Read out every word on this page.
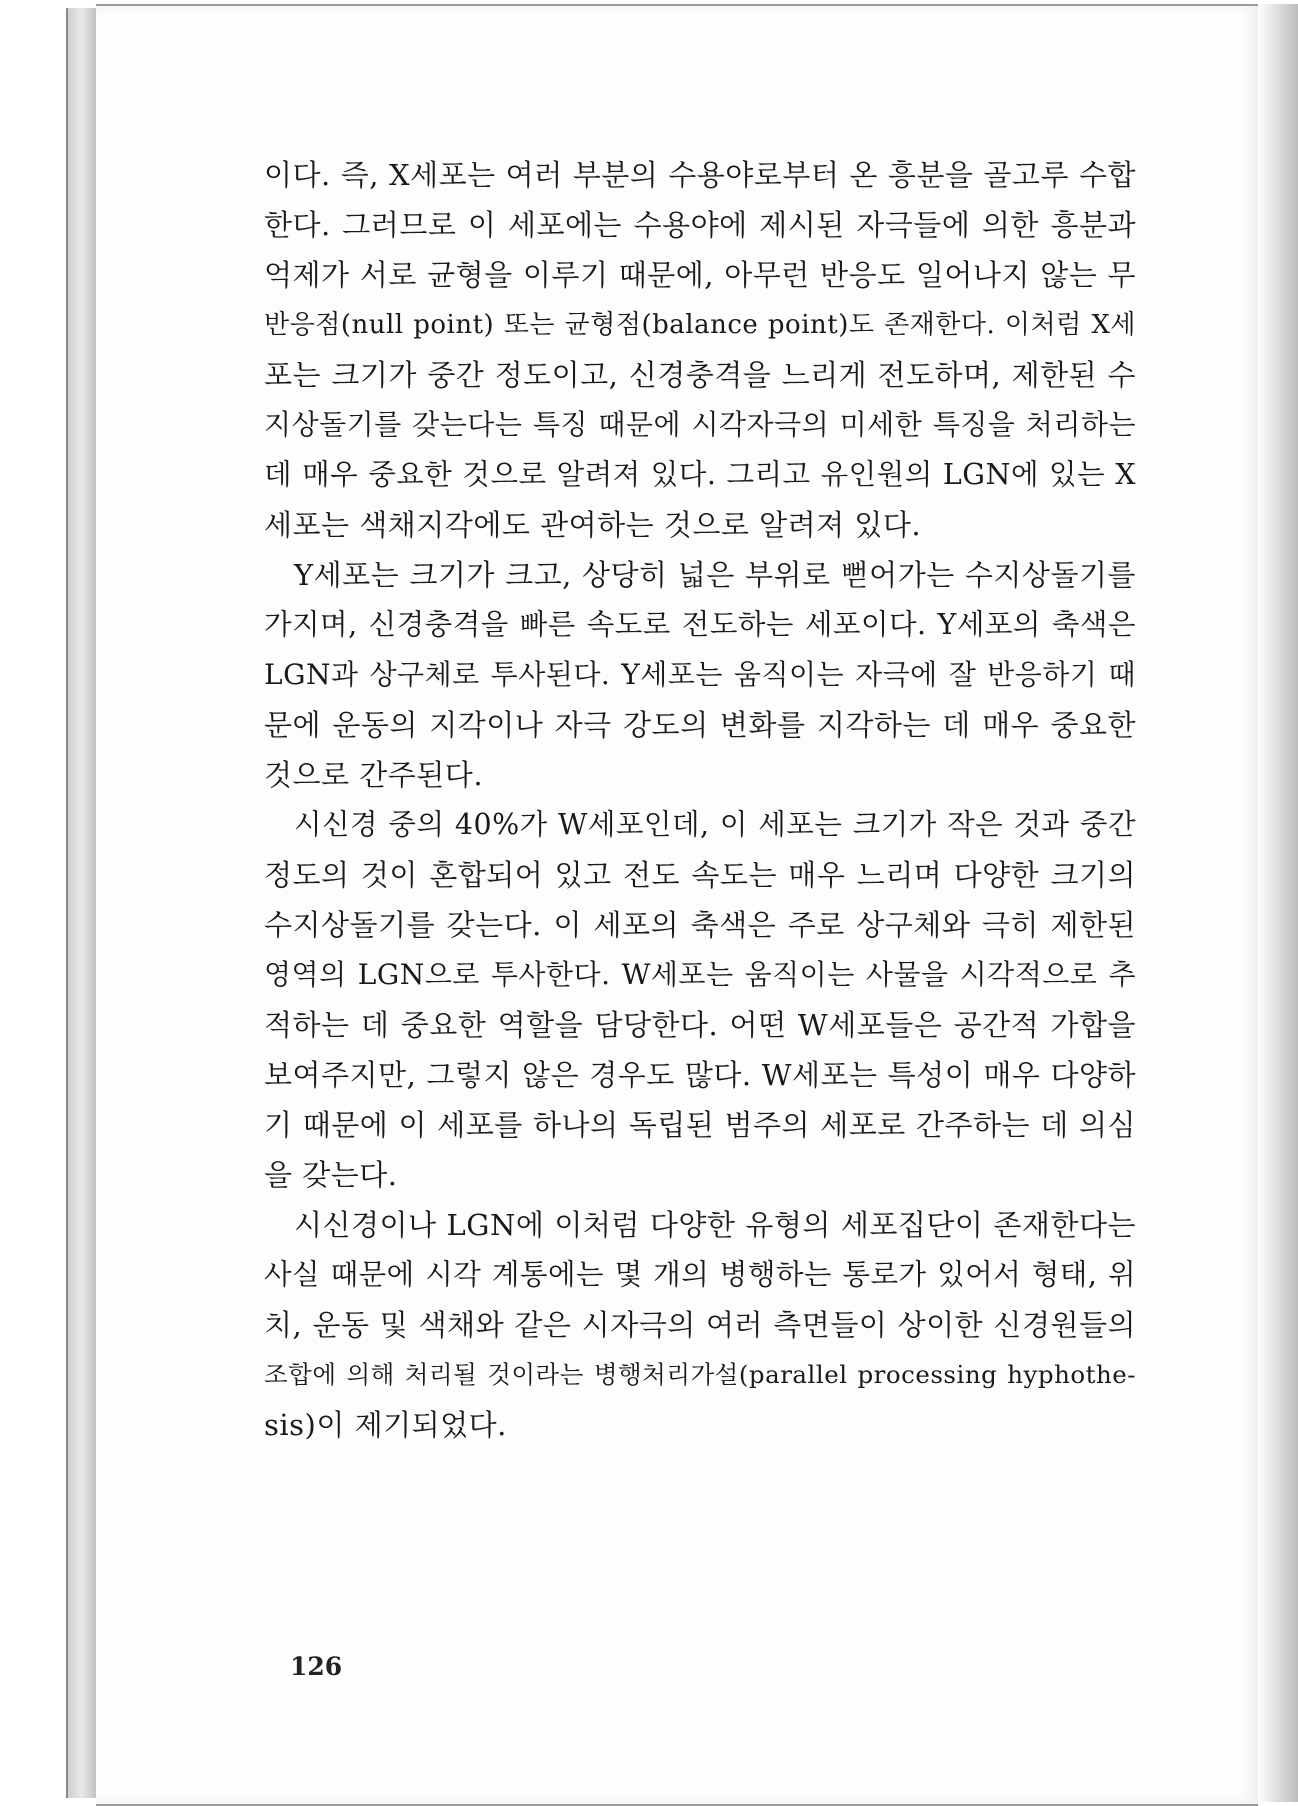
이다. 즉, X세포는 여러 부분의 수용야로부터 온 흥분을 골고루 수합
한다. 그러므로 이 세포에는 수용야에 제시된 자극들에 의한 흥분과
억제가 서로 균형을 이루기 때문에, 아무런 반응도 일어나지 않는 무
반응점(null point) 또는 균형점(balance point)도 존재한다. 이처럼 X세
포는 크기가 중간 정도이고, 신경충격을 느리게 전도하며, 제한된 수
지상돌기를 갖는다는 특징 때문에 시각자극의 미세한 특징을 처리하는
데 매우 중요한 것으로 알려져 있다. 그리고 유인원의 LGN에 있는 X
세포는 색채지각에도 관여하는 것으로 알려져 있다.
Y세포는 크기가 크고, 상당히 넓은 부위로 뻗어가는 수지상돌기를
가지며, 신경충격을 빠른 속도로 전도하는 세포이다. Y세포의 축색은
LGN과 상구체로 투사된다. Y세포는 움직이는 자극에 잘 반응하기 때
문에 운동의 지각이나 자극 강도의 변화를 지각하는 데 매우 중요한
것으로 간주된다.
시신경 중의 40%가 W세포인데, 이 세포는 크기가 작은 것과 중간
정도의 것이 혼합되어 있고 전도 속도는 매우 느리며 다양한 크기의
수지상돌기를 갖는다. 이 세포의 축색은 주로 상구체와 극히 제한된
영역의 LGN으로 투사한다. W세포는 움직이는 사물을 시각적으로 추
적하는 데 중요한 역할을 담당한다. 어떤 W세포들은 공간적 가합을
보여주지만, 그렇지 않은 경우도 많다. W세포는 특성이 매우 다양하
기 때문에 이 세포를 하나의 독립된 범주의 세포로 간주하는 데 의심
을 갖는다.
시신경이나 LGN에 이처럼 다양한 유형의 세포집단이 존재한다는
사실 때문에 시각 계통에는 몇 개의 병행하는 통로가 있어서 형태, 위
치, 운동 및 색채와 같은 시자극의 여러 측면들이 상이한 신경원들의
조합에 의해 처리될 것이라는 병행처리가설(parallel processing hyphothe-
sis)이 제기되었다.
126
